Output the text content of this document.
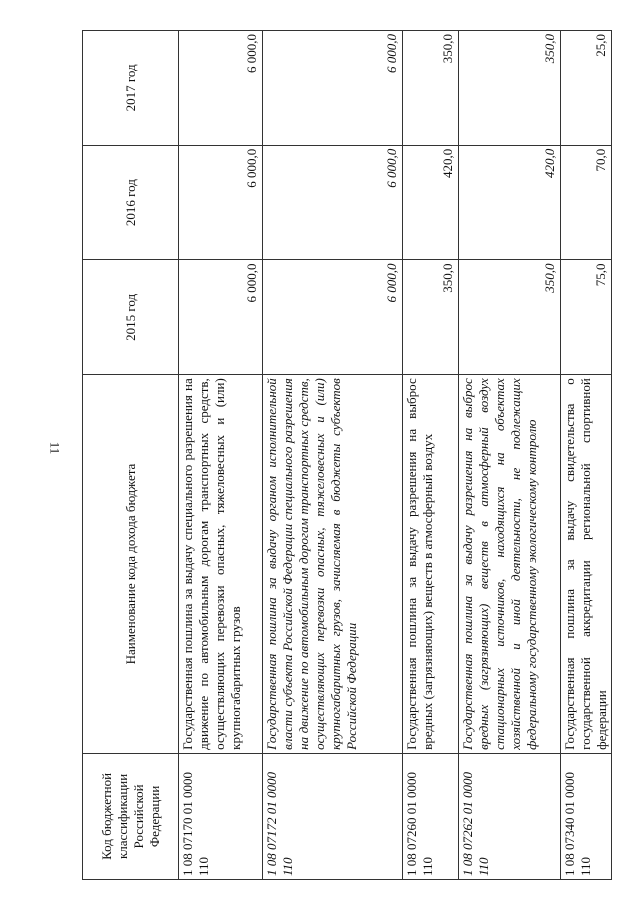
11
Код бюджетной классификации Российской Федерации	Наименование кода дохода бюджета	2015 год	2016 год	2017 год
1 08 07170 01 0000 110	Государственная пошлина за выдачу специального разрешения на движение по автомобильным дорогам транспортных средств, осуществляющих перевозки опасных, тяжеловесных и (или) крупногабаритных грузов	6 000,0	6 000,0	6 000,0
1 08 07172 01 0000 110	Государственная пошлина за выдачу органом исполнительной власти субъекта Российской Федерации специального разрешения на движение по автомобильным дорогам транспортных средств, осуществляющих перевозки опасных, тяжеловесных и (или) крупногабаритных грузов, зачисляемая в бюджеты субъектов Российской Федерации	6 000,0	6 000,0	6 000,0
1 08 07260 01 0000 110	Государственная пошлина за выдачу разрешения на выброс вредных (загрязняющих) веществ в атмосферный воздух	350,0	420,0	350,0
1 08 07262 01 0000 110	Государственная пошлина за выдачу разрешения на выброс вредных (загрязняющих) веществ в атмосферный воздух стационарных источников, находящихся на объектах хозяйственной и иной деятельности, не подлежащих федеральному государственному экологическому контролю	350,0	420,0	350,0
1 08 07340 01 0000 110	Государственная пошлина за выдачу свидетельства о государственной аккредитации региональной спортивной федерации	75,0	70,0	25,0
